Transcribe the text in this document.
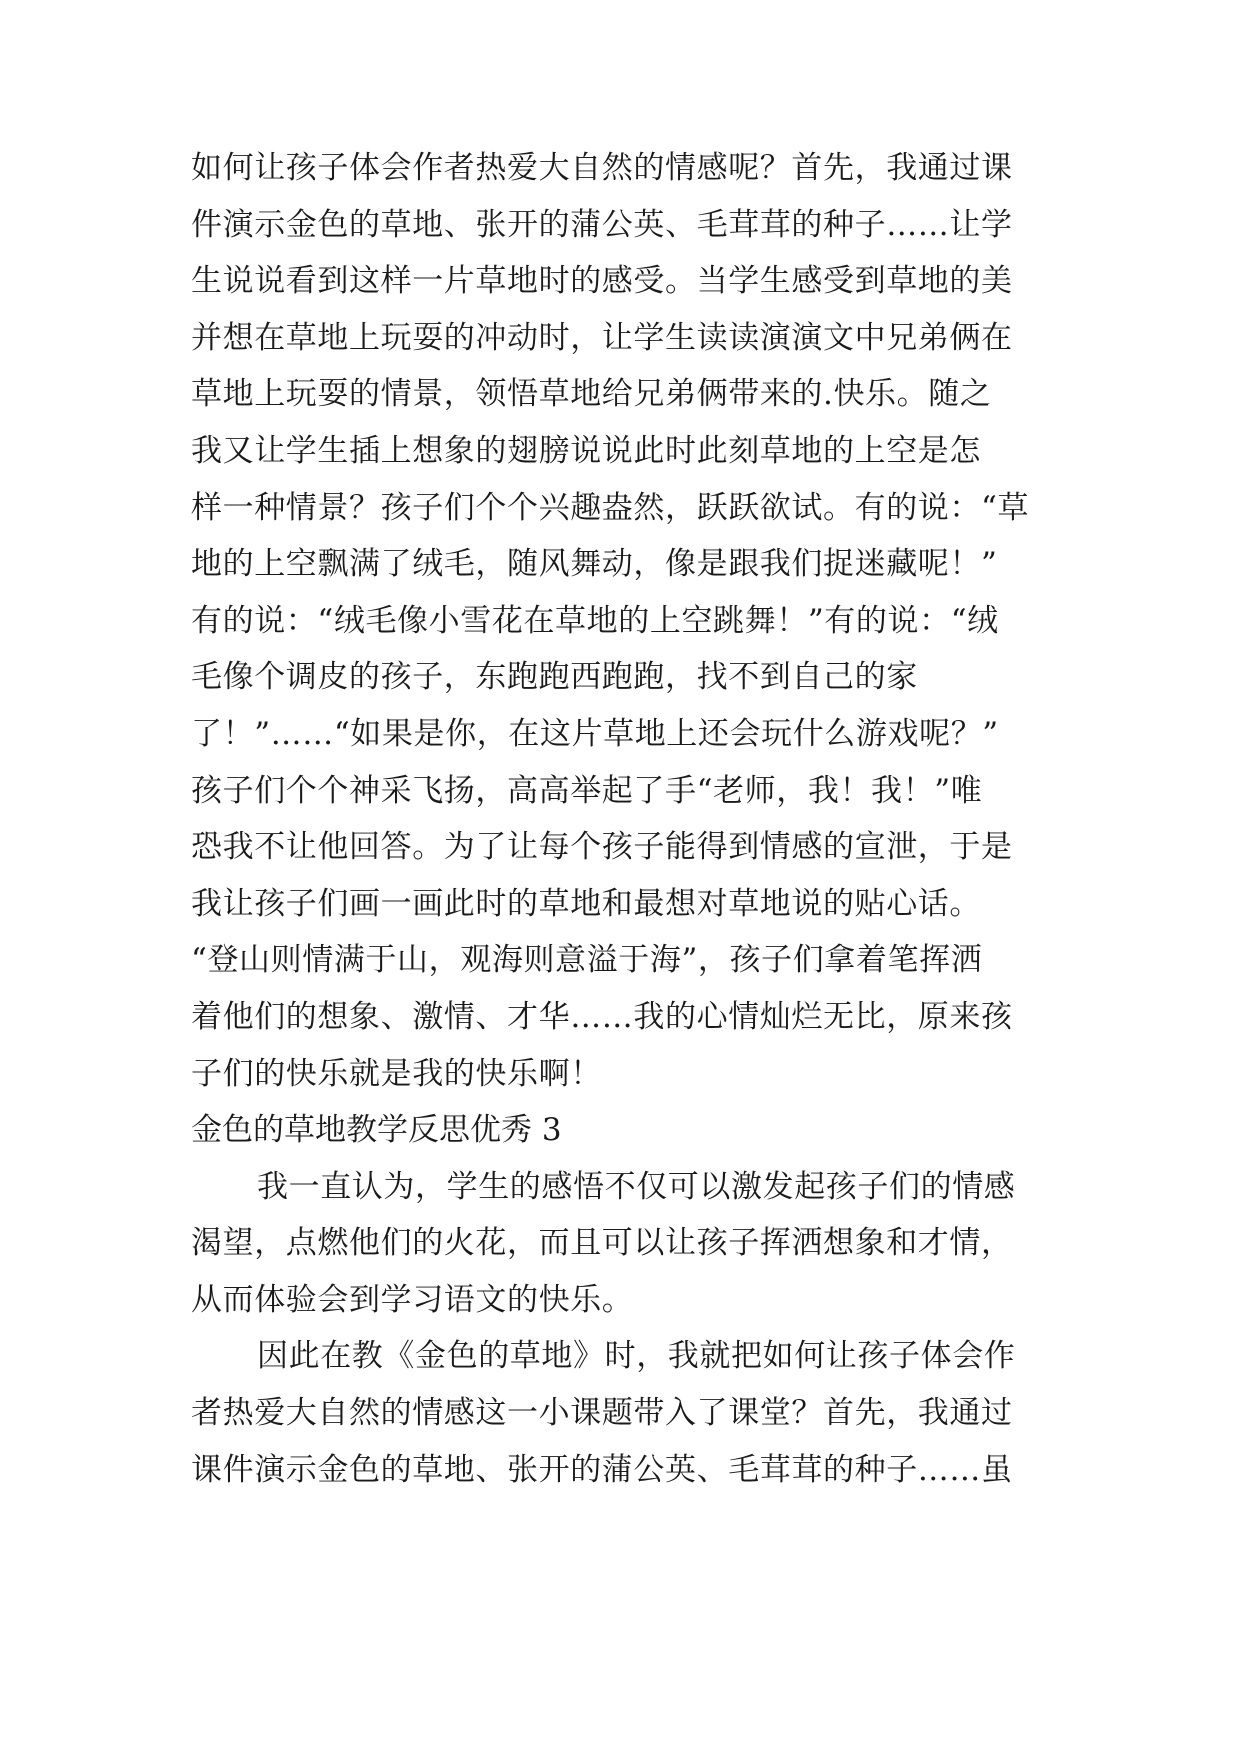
如何让孩子体会作者热爱大自然的情感呢？首先，我通过课
件演示金色的草地、张开的蒲公英、毛茸茸的种子……让学
生说说看到这样一片草地时的感受。当学生感受到草地的美
并想在草地上玩耍的冲动时，让学生读读演演文中兄弟俩在
草地上玩耍的情景，领悟草地给兄弟俩带来的.快乐。随之
我又让学生插上想象的翅膀说说此时此刻草地的上空是怎
样一种情景？孩子们个个兴趣盎然，跃跃欲试。有的说：“草
地的上空飘满了绒毛，随风舞动，像是跟我们捉迷藏呢！”
有的说：“绒毛像小雪花在草地的上空跳舞！”有的说：“绒
毛像个调皮的孩子，东跑跑西跑跑，找不到自己的家
了！”……“如果是你，在这片草地上还会玩什么游戏呢？”
孩子们个个神采飞扬，高高举起了手“老师，我！我！”唯
恐我不让他回答。为了让每个孩子能得到情感的宣泄，于是
我让孩子们画一画此时的草地和最想对草地说的贴心话。
“登山则情满于山，观海则意溢于海”，孩子们拿着笔挥洒
着他们的想象、激情、才华……我的心情灿烂无比，原来孩
子们的快乐就是我的快乐啊！
金色的草地教学反思优秀 3
我一直认为，学生的感悟不仅可以激发起孩子们的情感
渴望，点燃他们的火花，而且可以让孩子挥洒想象和才情，
从而体验会到学习语文的快乐。
因此在教《金色的草地》时，我就把如何让孩子体会作
者热爱大自然的情感这一小课题带入了课堂？首先，我通过
课件演示金色的草地、张开的蒲公英、毛茸茸的种子……虽
